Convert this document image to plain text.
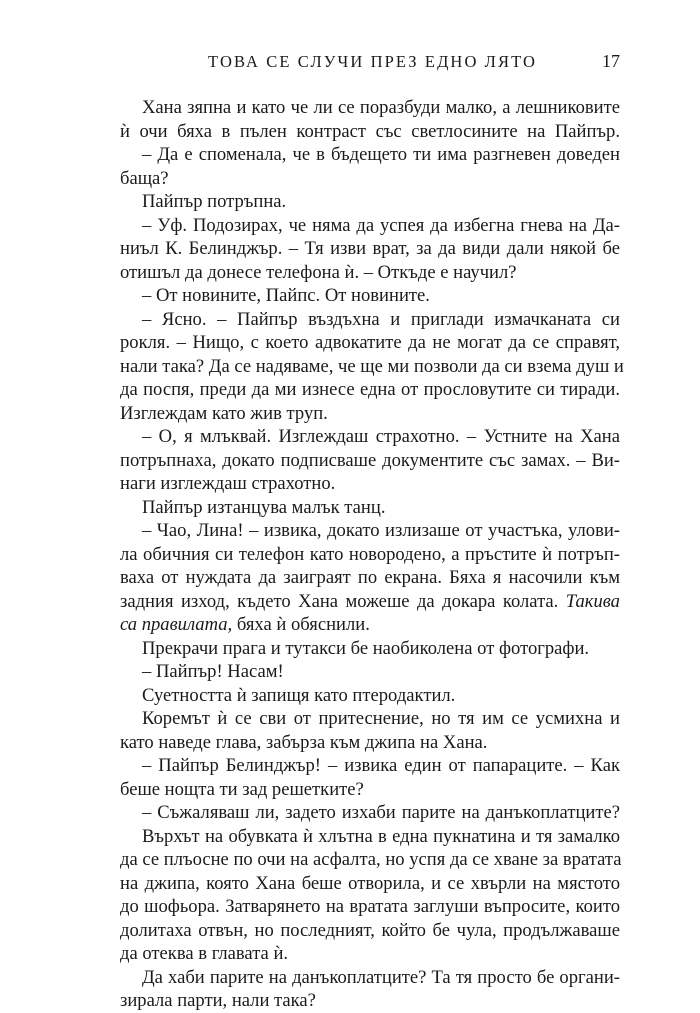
ТОВА СЕ СЛУЧИ ПРЕЗ ЕДНО ЛЯТО	17
Хана зяпна и като че ли се поразбуди малко, а лешниковите
ѝ очи бяха в пълен контраст със светлосините на Пайпър.
– Да е споменала, че в бъдещето ти има разгневен доведен
баща?
Пайпър потръпна.
– Уф. Подозирах, че няма да успея да избегна гнева на Да-
ниъл К. Белинджър. – Тя изви врат, за да види дали някой бе
отишъл да донесе телефона ѝ. – Откъде е научил?
– От новините, Пайпс. От новините.
– Ясно. – Пайпър въздъхна и приглади измачканата си
рокля. – Нищо, с което адвокатите да не могат да се справят,
нали така? Да се надяваме, че ще ми позволи да си взема душ и
да поспя, преди да ми изнесе една от прословутите си тиради.
Изглеждам като жив труп.
– О, я млъквай. Изглеждаш страхотно. – Устните на Хана
потръпнаха, докато подписваше документите със замах. – Ви-
наги изглеждаш страхотно.
Пайпър изтанцува малък танц.
– Чао, Лина! – извика, докато излизаше от участъка, улови-
ла обичния си телефон като новородено, а пръстите ѝ потръп-
ваха от нуждата да заиграят по екрана. Бяха я насочили към
задния изход, където Хана можеше да докара колата. Такива
са правилата, бяха ѝ обяснили.
Прекрачи прага и тутакси бе наобиколена от фотографи.
– Пайпър! Насам!
Суетността ѝ запищя като птеродактил.
Коремът ѝ се сви от притеснение, но тя им се усмихна и
като наведе глава, забърза към джипа на Хана.
– Пайпър Белинджър! – извика един от папараците. – Как
беше нощта ти зад решетките?
– Съжаляваш ли, задето изхаби парите на данъкоплатците?
Върхът на обувката ѝ хлътна в една пукнатина и тя замалко
да се плъосне по очи на асфалта, но успя да се хване за вратата
на джипа, която Хана беше отворила, и се хвърли на мястото
до шофьора. Затварянето на вратата заглуши въпросите, които
долитаха отвън, но последният, който бе чула, продължаваше
да отеква в главата ѝ.
Да хаби парите на данъкоплатците? Та тя просто бе органи-
зирала парти, нали така?
